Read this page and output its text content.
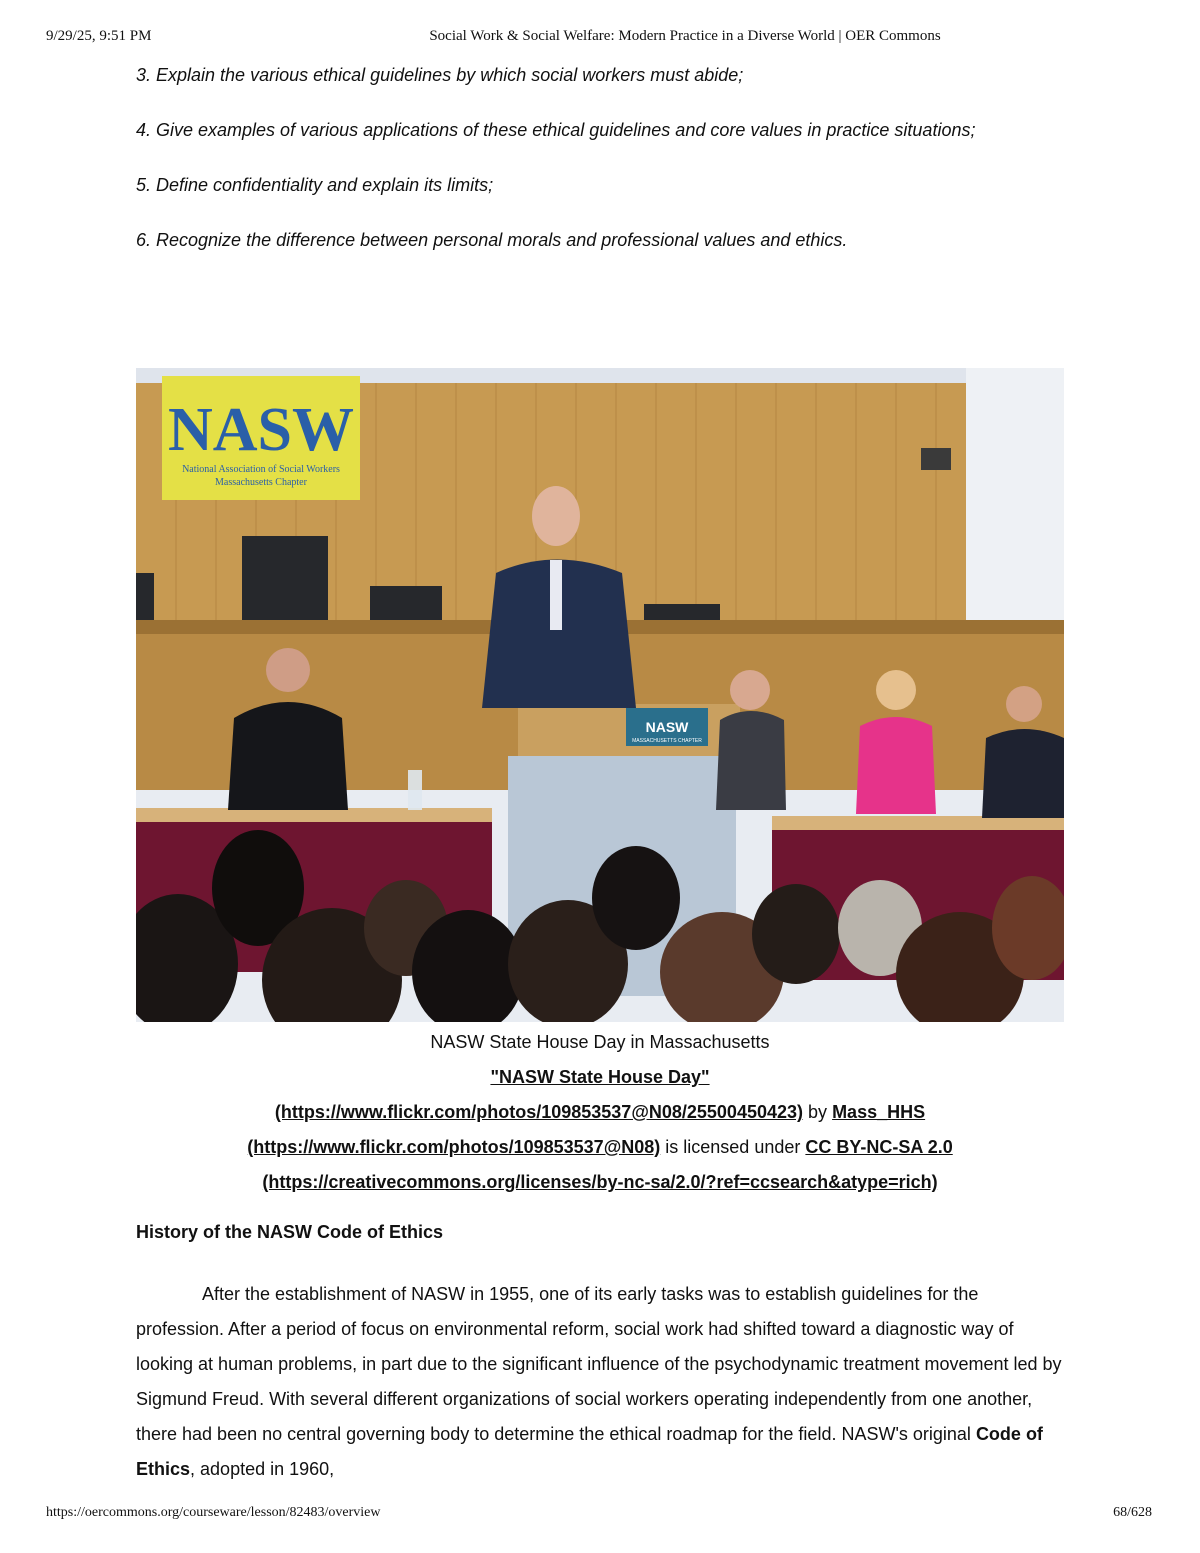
9/29/25, 9:51 PM	Social Work & Social Welfare: Modern Practice in a Diverse World | OER Commons
3. Explain the various ethical guidelines by which social workers must abide;
4. Give examples of various applications of these ethical guidelines and core values in practice situations;
5. Define confidentiality and explain its limits;
6. Recognize the difference between personal morals and professional values and ethics.
NASW
National Association of Social Workers
Massachusetts Chapter
NASW
MASSACHUSETTS CHAPTER
NASW State House Day in Massachusetts
"NASW State House Day"
(https://www.flickr.com/photos/109853537@N08/25500450423) by Mass_HHS
(https://www.flickr.com/photos/109853537@N08) is licensed under CC BY-NC-SA 2.0
(https://creativecommons.org/licenses/by-nc-sa/2.0/?ref=ccsearch&atype=rich)
History of the NASW Code of Ethics

After the establishment of NASW in 1955, one of its early tasks was to establish guidelines for the profession. After a period of focus on environmental reform, social work had shifted toward a diagnostic way of looking at human problems, in part due to the significant influence of the psychodynamic treatment movement led by Sigmund Freud. With several different organizations of social workers operating independently from one another, there had been no central governing body to determine the ethical roadmap for the field. NASW's original Code of Ethics, adopted in 1960,

https://oercommons.org/courseware/lesson/82483/overview	68/628
